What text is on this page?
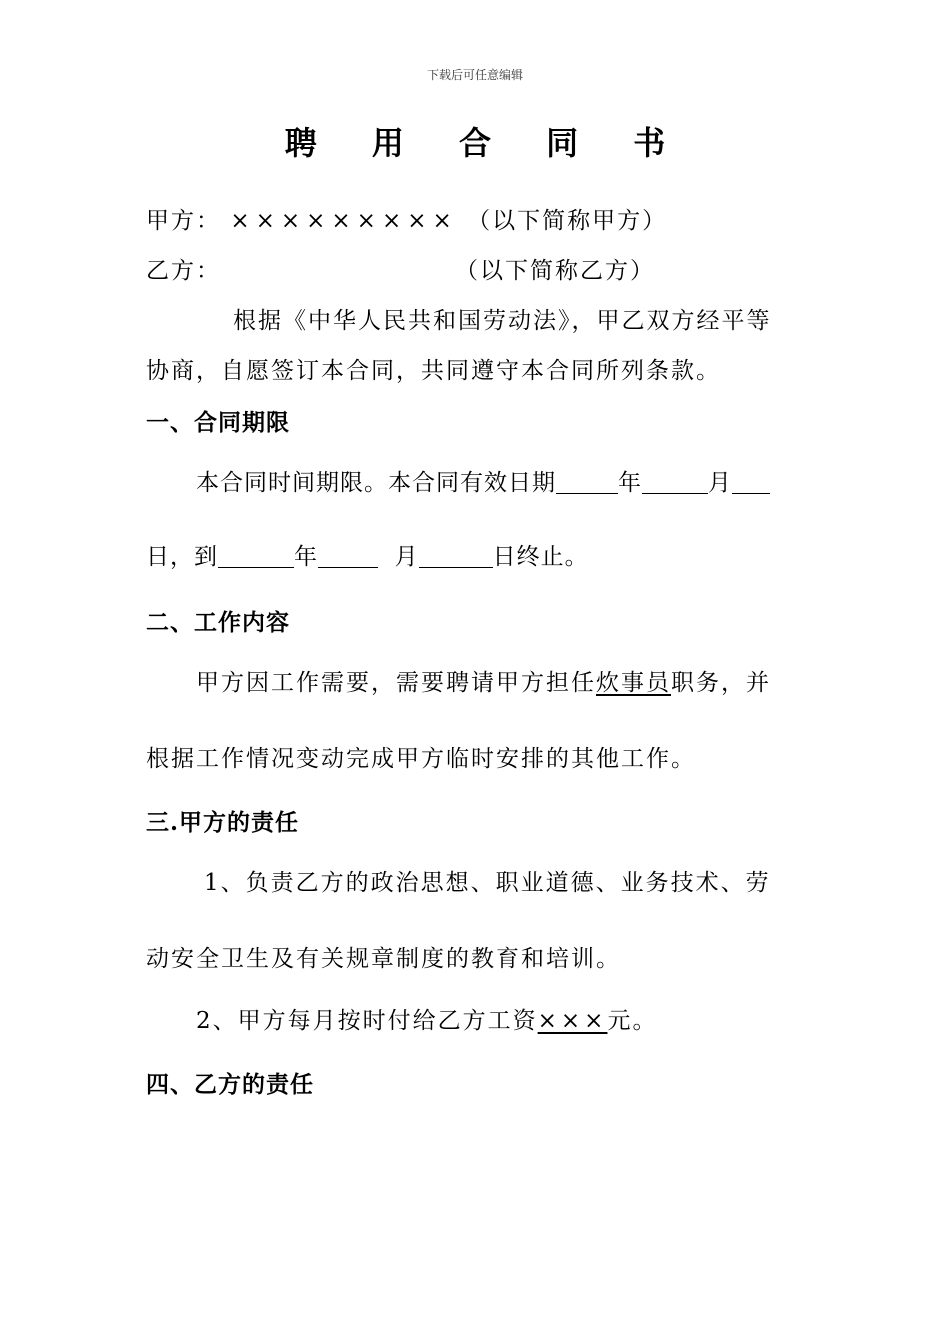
下载后可任意编辑
聘 用 合 同 书
甲方： ××××××××× （以下简称甲方）
乙方：	（以下简称乙方）
根据《中华人民共和国劳动法》，甲乙双方经平等
协商，自愿签订本合同，共同遵守本合同所列条款。
一、合同期限
本合同时间期限。本合同有效日期	年	月
日，到	年	月	日终止。
二、工作内容
甲方因工作需要，需要聘请甲方担任炊事员职务，并
根据工作情况变动完成甲方临时安排的其他工作。
三.甲方的责任
1、负责乙方的政治思想、职业道德、业务技术、劳
动安全卫生及有关规章制度的教育和培训。
2、甲方每月按时付给乙方工资×××元。
四、乙方的责任
